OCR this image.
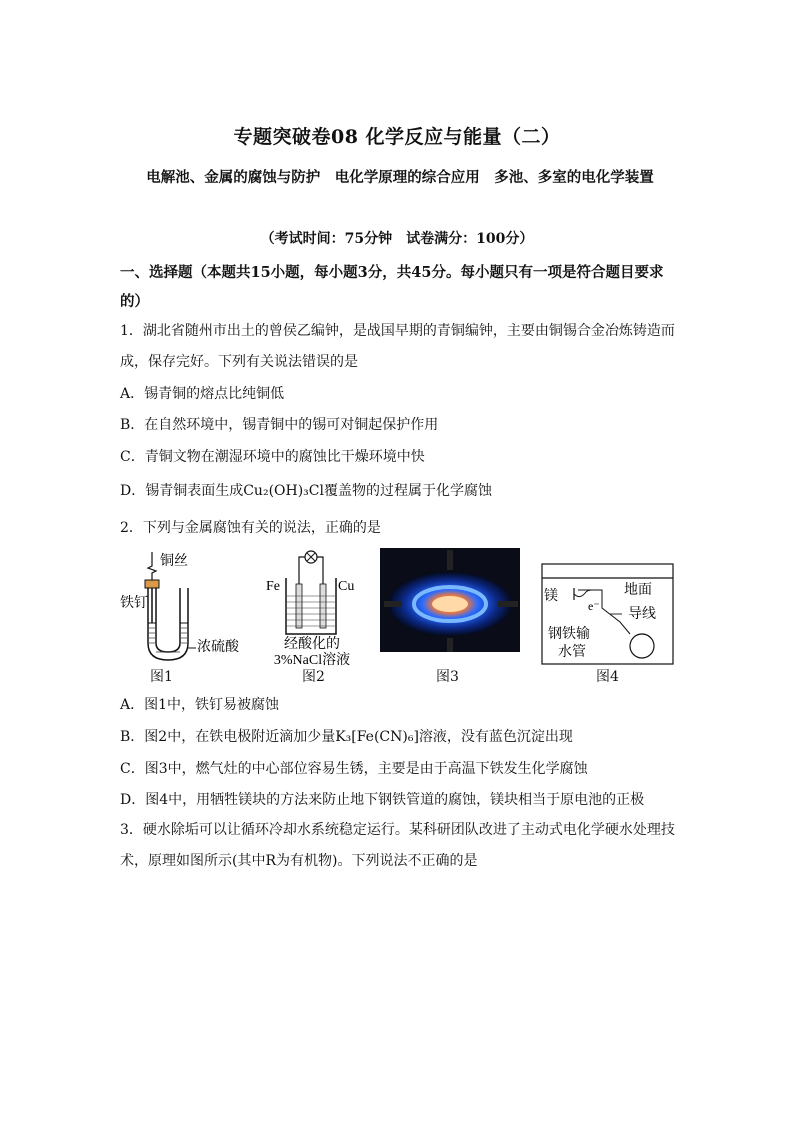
专题突破卷08 化学反应与能量（二）
电解池、金属的腐蚀与防护　电化学原理的综合应用　多池、多室的电化学装置
（考试时间：75分钟　试卷满分：100分）
一、选择题（本题共15小题，每小题3分，共45分。每小题只有一项是符合题目要求的）
1．湖北省随州市出土的曾侯乙编钟，是战国早期的青铜编钟，主要由铜锡合金冶炼铸造而成，保存完好。下列有关说法错误的是
A．锡青铜的熔点比纯铜低
B．在自然环境中，锡青铜中的锡可对铜起保护作用
C．青铜文物在潮湿环境中的腐蚀比干燥环境中快
D．锡青铜表面生成Cu₂(OH)₃Cl覆盖物的过程属于化学腐蚀
2．下列与金属腐蚀有关的说法，正确的是
铜丝
铁钉
浓硫酸
图1
Fe	Cu
经酸化的
3%NaCl溶液
图2	图3
镁
e⁻
地面
导线
钢铁输
水管
图4
A．图1中，铁钉易被腐蚀
B．图2中，在铁电极附近滴加少量K₃[Fe(CN)₆]溶液，没有蓝色沉淀出现
C．图3中，燃气灶的中心部位容易生锈，主要是由于高温下铁发生化学腐蚀
D．图4中，用牺牲镁块的方法来防止地下钢铁管道的腐蚀，镁块相当于原电池的正极
3．硬水除垢可以让循环冷却水系统稳定运行。某科研团队改进了主动式电化学硬水处理技术，原理如图所示(其中R为有机物)。下列说法不正确的是
